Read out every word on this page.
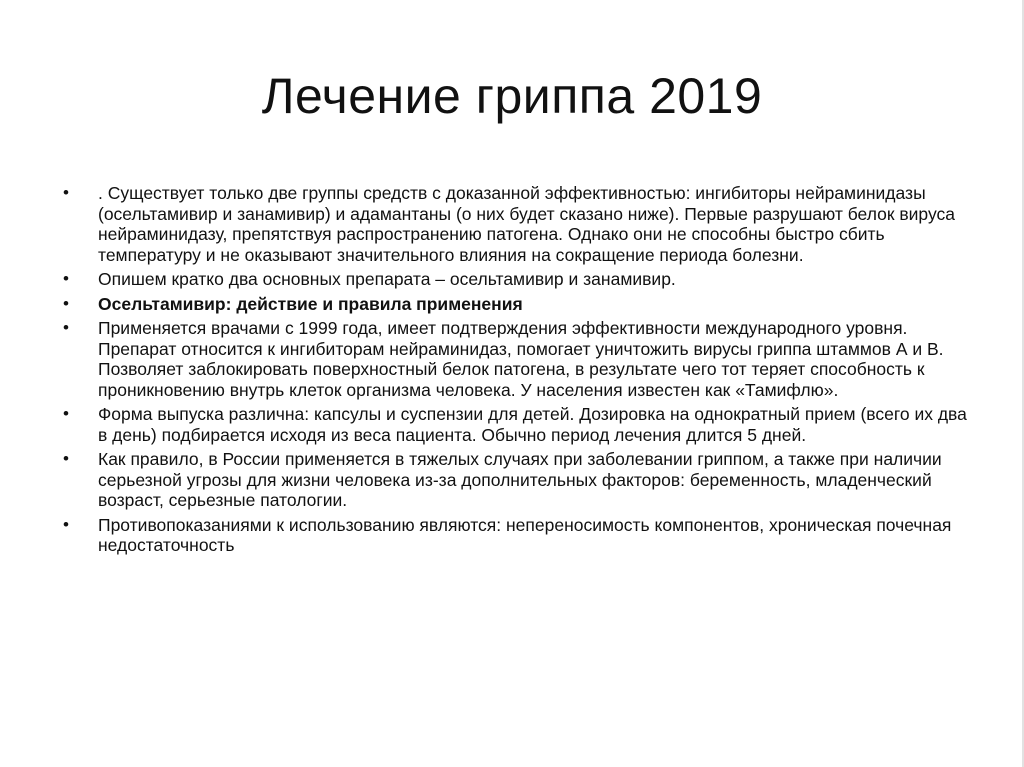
Лечение гриппа 2019
• . Существует только две группы средств с доказанной эффективностью: ингибиторы нейраминидазы (осельтамивир и занамивир) и адамантаны (о них будет сказано ниже). Первые разрушают белок вируса нейраминидазу, препятствуя распространению патогена. Однако они не способны быстро сбить температуру и не оказывают значительного влияния на сокращение периода болезни.
• Опишем кратко два основных препарата – осельтамивир и занамивир.
• Осельтамивир: действие и правила применения
• Применяется врачами с 1999 года, имеет подтверждения эффективности международного уровня. Препарат относится к ингибиторам нейраминидаз, помогает уничтожить вирусы гриппа штаммов А и В. Позволяет заблокировать поверхностный белок патогена, в результате чего тот теряет способность к проникновению внутрь клеток организма человека. У населения известен как «Тамифлю».
• Форма выпуска различна: капсулы и суспензии для детей. Дозировка на однократный прием (всего их два в день) подбирается исходя из веса пациента. Обычно период лечения длится 5 дней.
• Как правило, в России применяется в тяжелых случаях при заболевании гриппом, а также при наличии серьезной угрозы для жизни человека из-за дополнительных факторов: беременность, младенческий возраст, серьезные патологии.
• Противопоказаниями к использованию являются: непереносимость компонентов, хроническая почечная недостаточность
